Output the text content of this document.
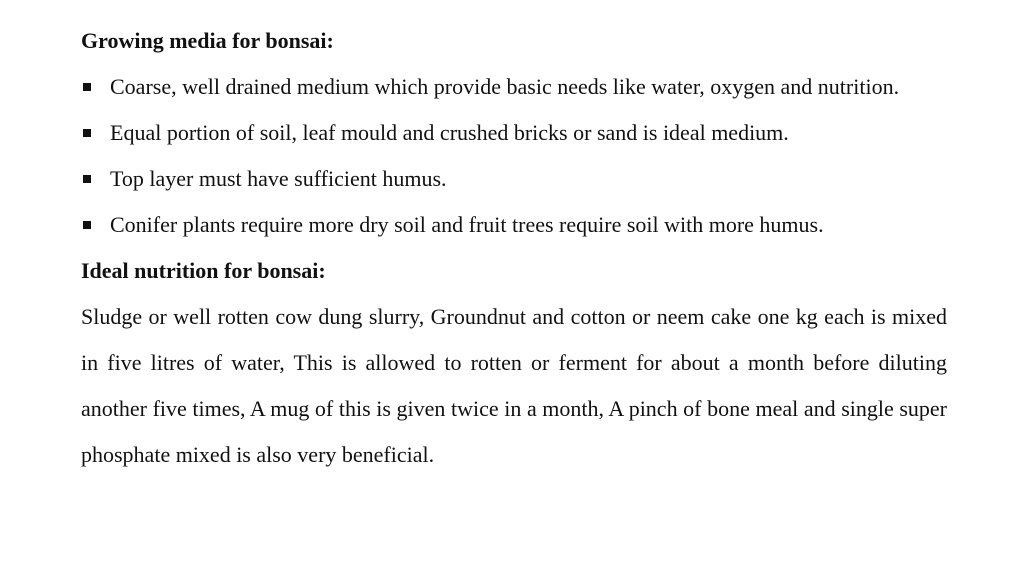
Growing media for bonsai:
Coarse, well drained medium which provide basic needs like water, oxygen and nutrition.
Equal portion of soil, leaf mould and crushed bricks or sand is ideal medium.
Top layer must have sufficient humus.
Conifer plants require more dry soil and fruit trees require soil with more humus.
Ideal nutrition for bonsai:

Sludge or well rotten cow dung slurry, Groundnut and cotton or neem cake one kg each is mixed in five litres of water, This is allowed to rotten or ferment for about a month before diluting another five times, A mug of this is given twice in a month, A pinch of bone meal and single super phosphate mixed is also very beneficial.
